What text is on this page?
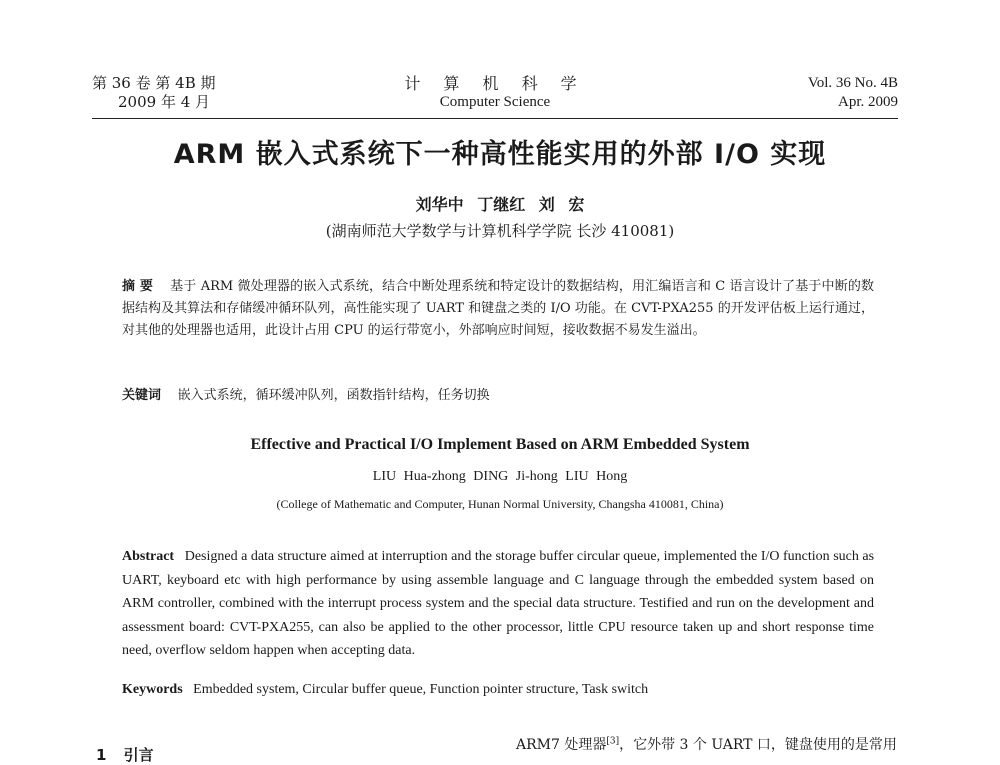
第 36 卷 第 4B 期
2009 年 4 月
计 算 机 科 学
Computer Science
Vol. 36 No. 4B
Apr. 2009
ARM 嵌入式系统下一种高性能实用的外部 I/O 实现
刘华中 丁继红 刘 宏
(湖南师范大学数学与计算机科学学院 长沙 410081)
摘 要 基于 ARM 微处理器的嵌入式系统，结合中断处理系统和特定设计的数据结构，用汇编语言和 C 语言设计了基于中断的数据结构及其算法和存储缓冲循环队列，高性能实现了 UART 和键盘之类的 I/O 功能。在 CVT-PXA255 的开发评估板上运行通过，对其他的处理器也适用，此设计占用 CPU 的运行带宽小，外部响应时间短，接收数据不易发生溢出。
关键词 嵌入式系统，循环缓冲队列，函数指针结构，任务切换
Effective and Practical I/O Implement Based on ARM Embedded System
LIU Hua-zhong DING Ji-hong LIU Hong
(College of Mathematic and Computer, Hunan Normal University, Changsha 410081, China)
Abstract Designed a data structure aimed at interruption and the storage buffer circular queue, implemented the I/O function such as UART, keyboard etc with high performance by using assemble language and C language through the embedded system based on ARM controller, combined with the interrupt process system and the special data structure. Testified and run on the development and assessment board: CVT-PXA255, can also be applied to the other processor, little CPU resource taken up and short response time need, overflow seldom happen when accepting data.
Keywords Embedded system, Circular buffer queue, Function pointer structure, Task switch
1 引言
ARM7 处理器[3]，它外带 3 个 UART 口，键盘使用的是常用
